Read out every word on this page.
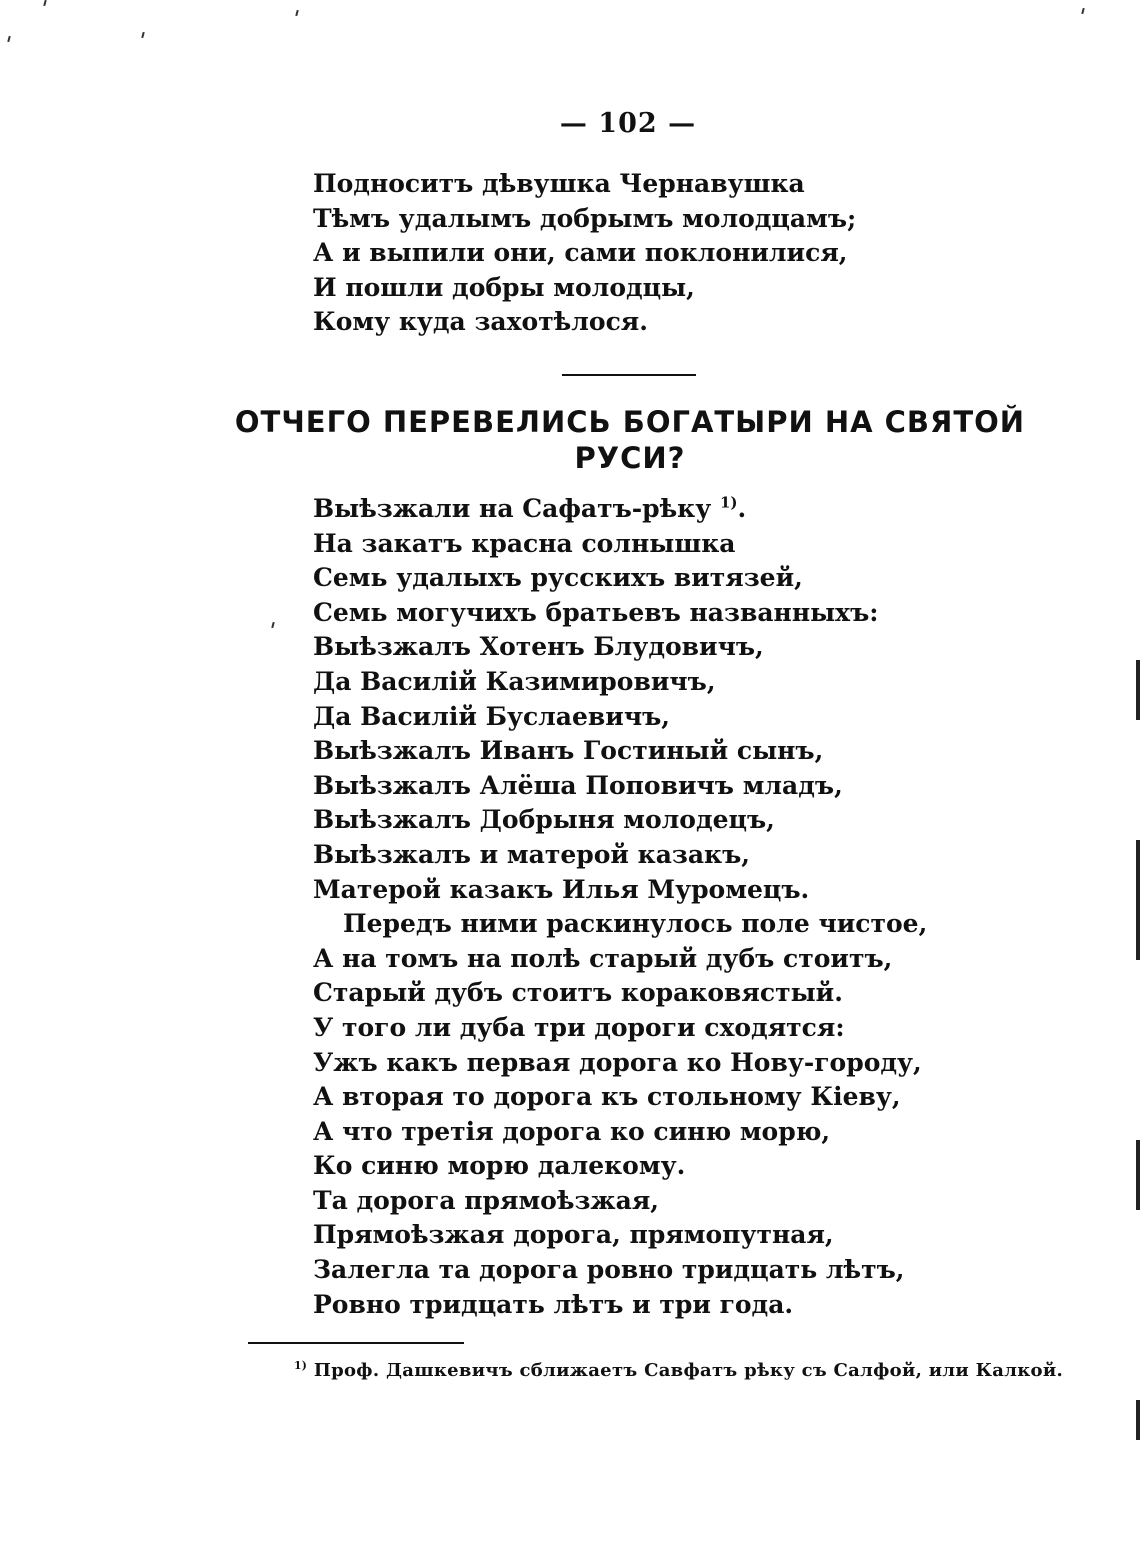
— 102 —
Подноситъ дѣвушка Чернавушка
Тѣмъ удалымъ добрымъ молодцамъ;
А и выпили они, сами поклонилися,
И пошли добры молодцы,
Кому куда захотѣлося.
ОТЧЕГО ПЕРЕВЕЛИСЬ БОГАТЫРИ НА СВЯТОЙ РУСИ?
Выѣзжали на Сафатъ-рѣку $^{1)}$.
На закатъ красна солнышка
Семь удалыхъ русскихъ витязей,
Семь могучихъ братьевъ названныхъ:
Выѣзжалъ Хотенъ Блудовичъ,
Да Василій Казимировичъ,
Да Василій Буслаевичъ,
Выѣзжалъ Иванъ Гостиный сынъ,
Выѣзжалъ Алёша Поповичъ младъ,
Выѣзжалъ Добрыня молодецъ,
Выѣзжалъ и матерой казакъ,
Матерой казакъ Илья Муромецъ.
Передъ ними раскинулось поле чистое,
А на томъ на полѣ старый дубъ стоитъ,
Старый дубъ стоитъ кораковястый.
У того ли дуба три дороги сходятся:
Ужъ какъ первая дорога ко Нову-городу,
А вторая то дорога къ стольному Кіеву,
А что третія дорога ко синю морю,
Ко синю морю далекому.
Та дорога прямоѣзжая,
Прямоѣзжая дорога, прямопутная,
Залегла та дорога ровно тридцать лѣтъ,
Ровно тридцать лѣтъ и три года.
$^{1)}$ Проф. Дашкевичъ сближаетъ Савфатъ рѣку съ Салфой, или Калкой.
